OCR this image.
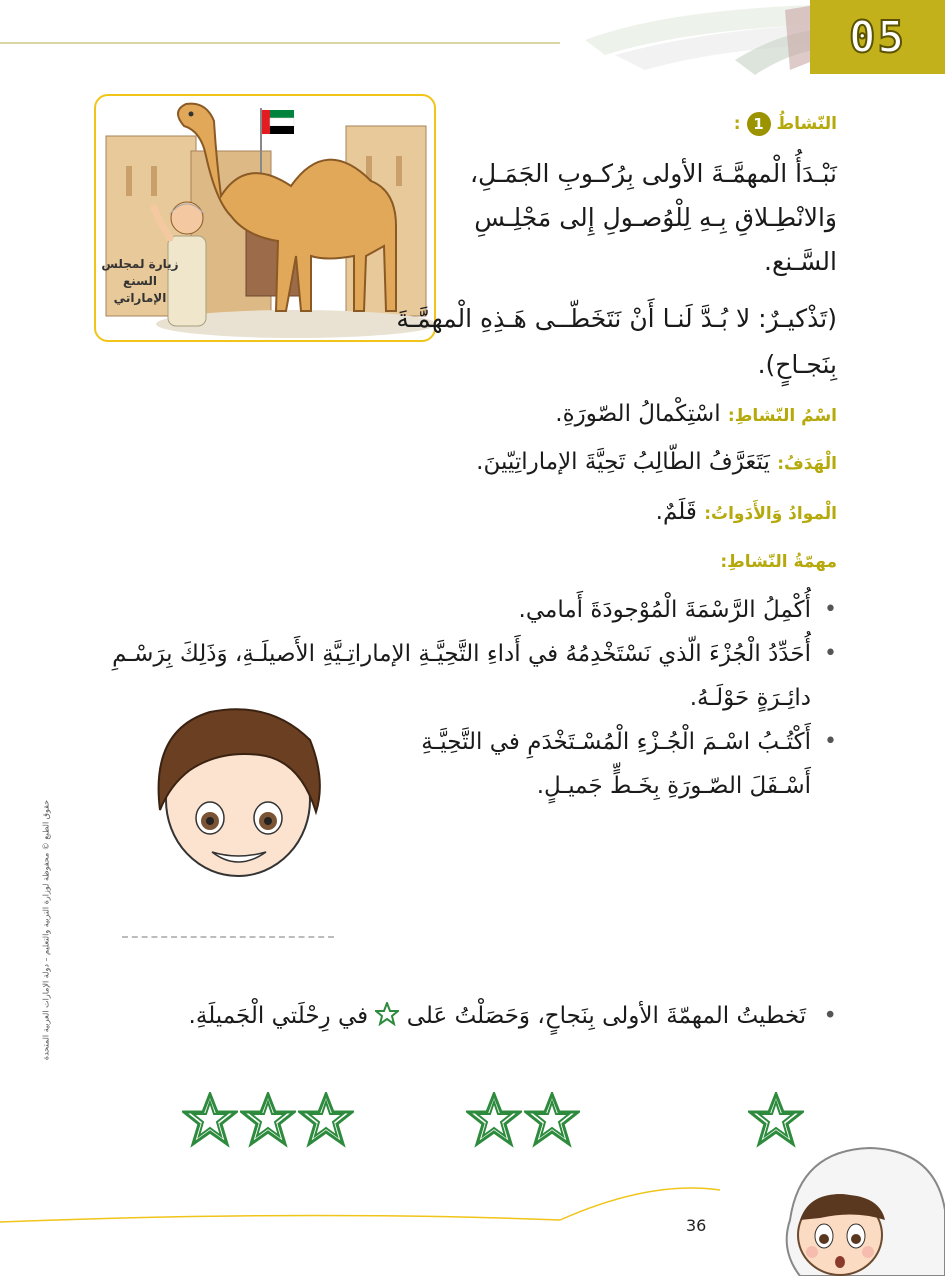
05
زيارة لمجلس
السنع
الإماراتي
النّشاطُ
1
:
نَبْـدَأُ الْمهمَّـةَ الأولى بِرُكـوبِ الجَمَـلِ، وَالانْطِـلاقِ بِـهِ لِلْوُصـولِ إِلى مَجْلِـسِ السَّـنع.
(تَذْكيـرٌ: لا بُـدَّ لَنـا أَنْ نَتَخَطّــى هَـذِهِ الْمهمَّـةَ بِنَجـاحٍ).
اسْمُ النّشاطِ: اسْتِكْمالُ الصّورَةِ.
الْهَدَفُ: يَتَعَرَّفُ الطّالِبُ تَحِيَّةَ الإماراتِيّينَ.
الْموادُ وَالأَدَواتُ: قَلَمٌ.
مهمّةُ النّشاطِ:
• أُكْمِلُ الرَّسْمَةَ الْمُوْجودَةَ أَمامي.
• أُحَدِّدُ الْجُزْءَ الّذي نَسْتَخْدِمُهُ في أَداءِ التَّحِيَّـةِ الإماراتِـيَّةِ الأَصيلَـةِ، وَذَلِكَ بِرَسْـمِ دائِـرَةٍ حَوْلَـهُ.
• أَكْتُـبُ اسْـمَ الْجُـزْءِ الْمُسْـتَخْدَمِ في التَّحِيَّـةِ أَسْـفَلَ الصّـورَةِ بِخَـطٍّ جَميـلٍ.
حقوق الطبع © محفوظة لوزارة التربية والتعليم – دولة الإمارات العربية المتحدة	• تَخطيتُ المهمّةَ الأولى بِنَجاحٍ، وَحَصَلْتُ عَلى  في رِحْلَتي الْجَميلَةِ.
36
